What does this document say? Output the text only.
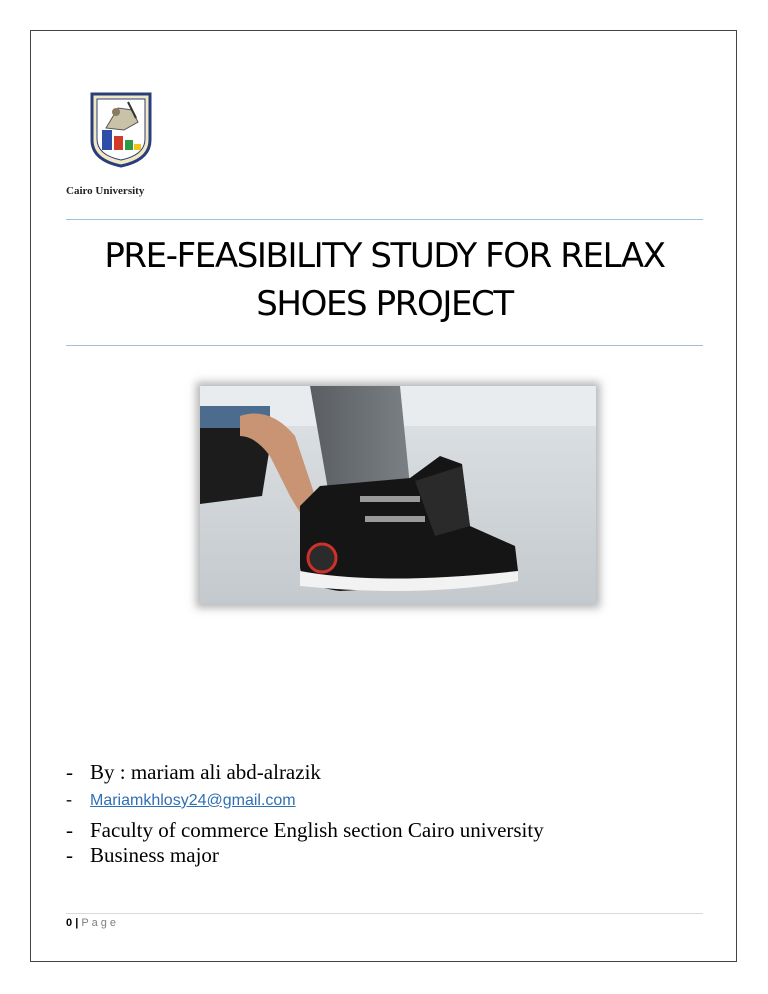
Cairo University
PRE-FEASIBILITY STUDY FOR RELAX
SHOES PROJECT
- By : mariam ali abd-alrazik
-	Mariamkhlosy24@gmail.com
- Faculty of commerce English section Cairo university
- Business major
0 | Page
